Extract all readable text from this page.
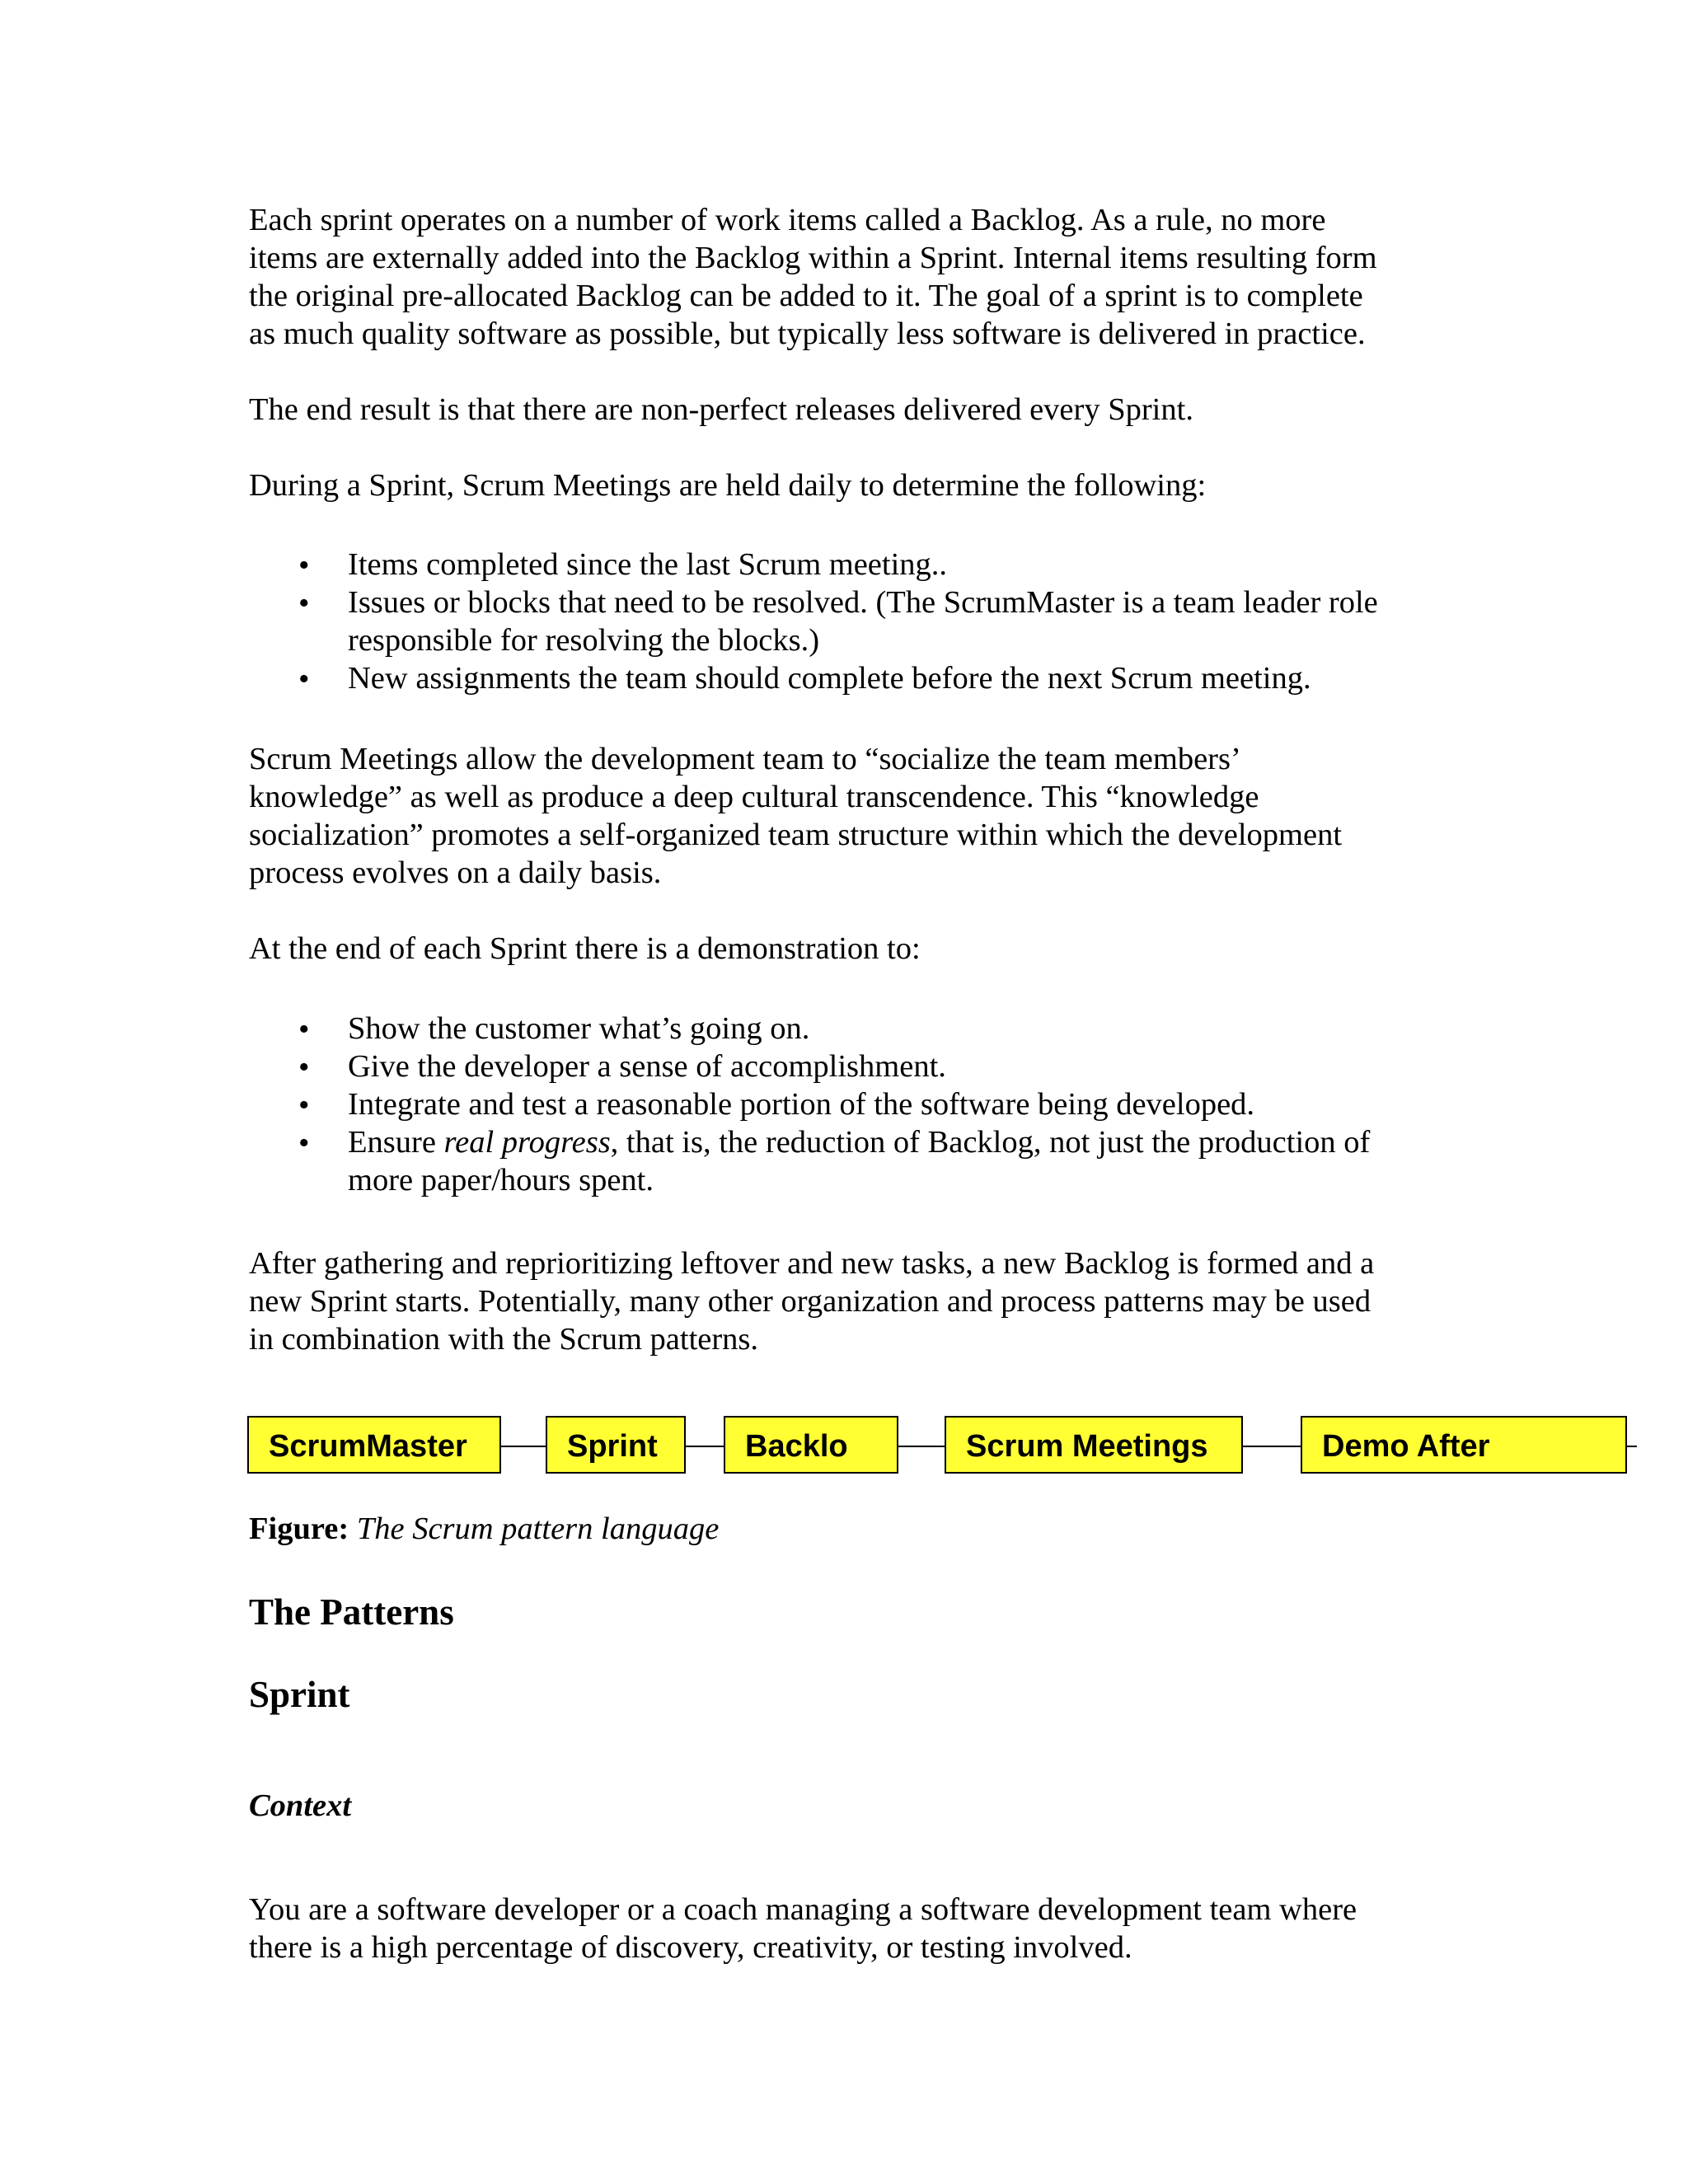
Each sprint operates on a number of work items called a Backlog. As a rule, no more
items are externally added into the Backlog within a Sprint. Internal items resulting form
the original pre-allocated Backlog can be added to it. The goal of a sprint is to complete
as much quality software as possible, but typically less software is delivered in practice.
The end result is that there are non-perfect releases delivered every Sprint.
During a Sprint, Scrum Meetings are held daily to determine the following:
• Items completed since the last Scrum meeting..
• Issues or blocks that need to be resolved. (The ScrumMaster is a team leader role
responsible for resolving the blocks.)
• New assignments the team should complete before the next Scrum meeting.
Scrum Meetings allow the development team to “socialize the team members’
knowledge” as well as produce a deep cultural transcendence. This “knowledge
socialization” promotes a self-organized team structure within which the development
process evolves on a daily basis.
At the end of each Sprint there is a demonstration to:
• Show the customer what’s going on.
• Give the developer a sense of accomplishment.
• Integrate and test a reasonable portion of the software being developed.
• Ensure real progress, that is, the reduction of Backlog, not just the production of
more paper/hours spent.
After gathering and reprioritizing leftover and new tasks, a new Backlog is formed and a
new Sprint starts. Potentially, many other organization and process patterns may be used
in combination with the Scrum patterns.
ScrumMaster	Sprint	Backlo	Scrum Meetings	Demo After
Figure: The Scrum pattern language
The Patterns
Sprint
Context
You are a software developer or a coach managing a software development team where
there is a high percentage of discovery, creativity, or testing involved.
